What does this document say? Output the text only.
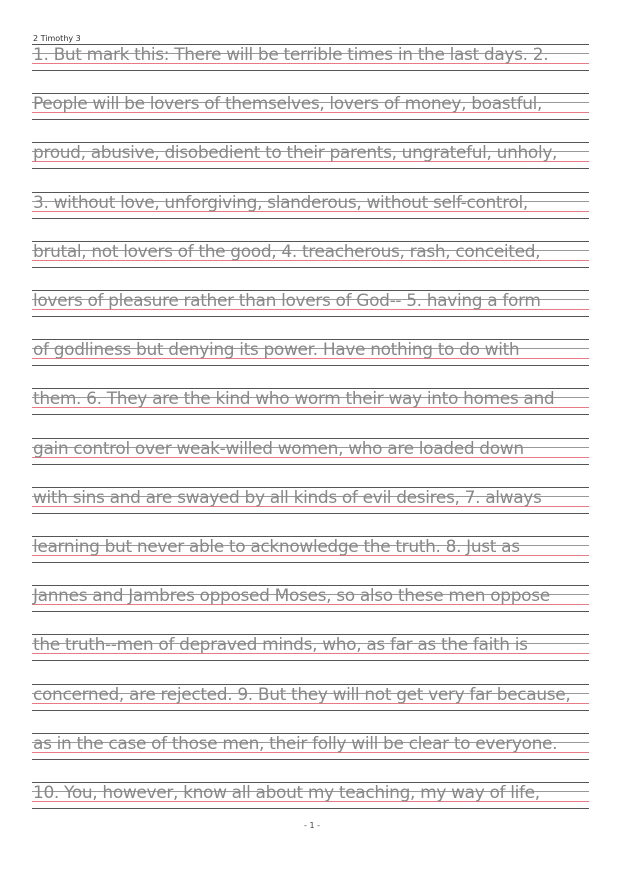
2 Timothy 3
1. But mark this: There will be terrible times in the last days. 2.
People will be lovers of themselves, lovers of money, boastful,
proud, abusive, disobedient to their parents, ungrateful, unholy,
3. without love, unforgiving, slanderous, without self-control,
brutal, not lovers of the good, 4. treacherous, rash, conceited,
lovers of pleasure rather than lovers of God-- 5. having a form
of godliness but denying its power. Have nothing to do with
them. 6. They are the kind who worm their way into homes and
gain control over weak-willed women, who are loaded down
with sins and are swayed by all kinds of evil desires, 7. always
learning but never able to acknowledge the truth. 8. Just as
Jannes and Jambres opposed Moses, so also these men oppose
the truth--men of depraved minds, who, as far as the faith is
concerned, are rejected. 9. But they will not get very far because,
as in the case of those men, their folly will be clear to everyone.
10. You, however, know all about my teaching, my way of life,
- 1 -
